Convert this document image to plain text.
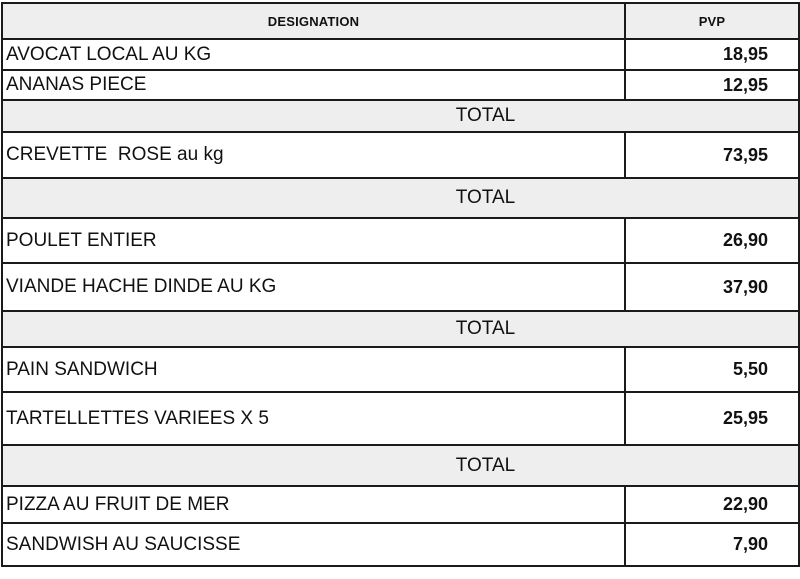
DESIGNATION	PVP
AVOCAT LOCAL AU KG	18,95
ANANAS PIECE	12,95
TOTAL	
CREVETTE  ROSE au kg	73,95
TOTAL	
POULET ENTIER	26,90
VIANDE HACHE DINDE AU KG	37,90
TOTAL	
PAIN SANDWICH	5,50
TARTELLETTES VARIEES X 5	25,95
TOTAL	
PIZZA AU FRUIT DE MER	22,90
SANDWISH AU SAUCISSE	7,90
